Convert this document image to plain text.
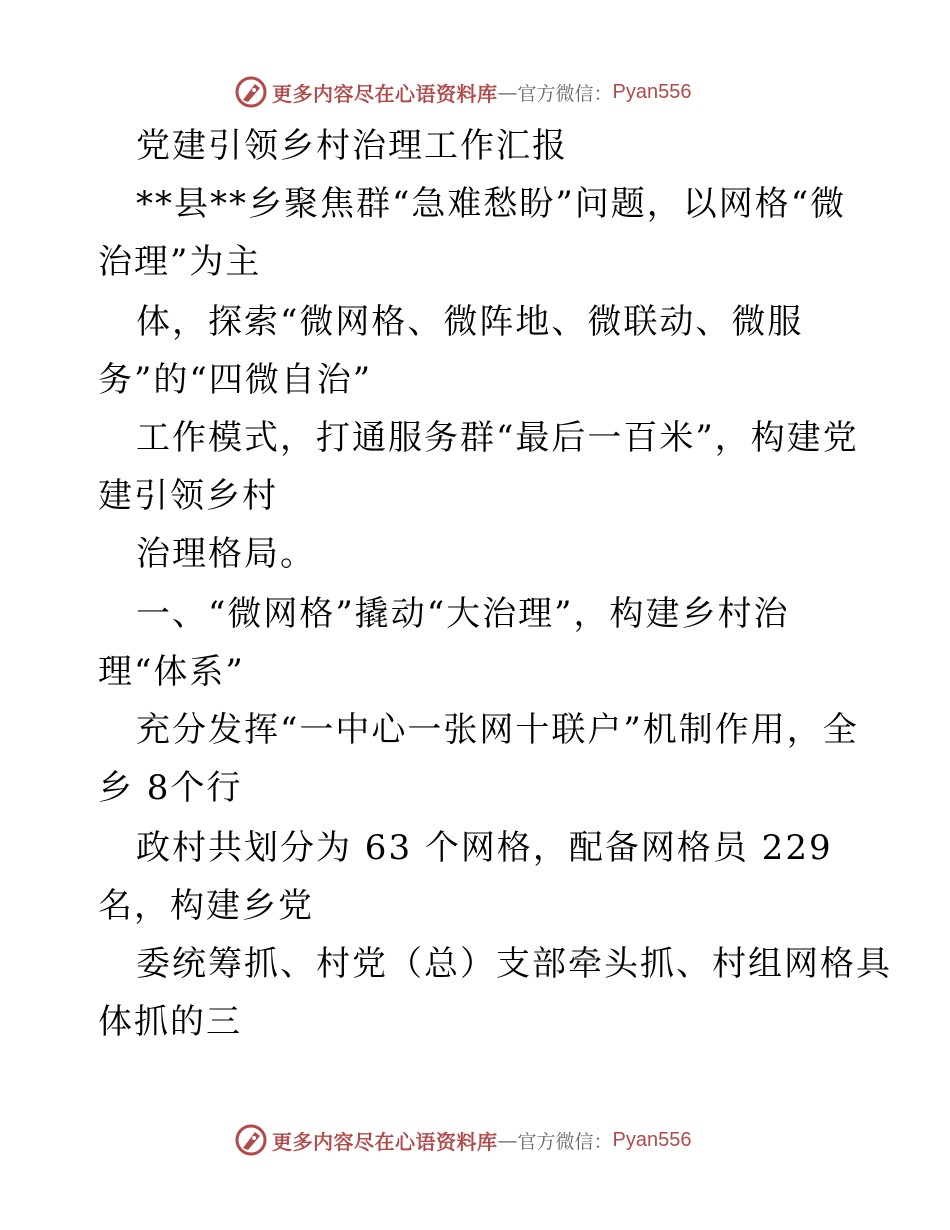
更多内容尽在心语资料库 — 官方微信： Pyan556
党建引领乡村治理工作汇报
**县**乡聚焦群“急难愁盼”问题，以网格“微
治理”为主
体，探索“微网格、微阵地、微联动、微服
务”的“四微自治”
工作模式，打通服务群“最后一百米”，构建党
建引领乡村
治理格局。
一、“微网格”撬动“大治理”，构建乡村治
理“体系”
充分发挥“一中心一张网十联户”机制作用，全
乡 8个行
政村共划分为 63 个网格，配备网格员 229
名，构建乡党
委统筹抓、村党（总）支部牵头抓、村组网格具
体抓的三
更多内容尽在心语资料库 — 官方微信： Pyan556
